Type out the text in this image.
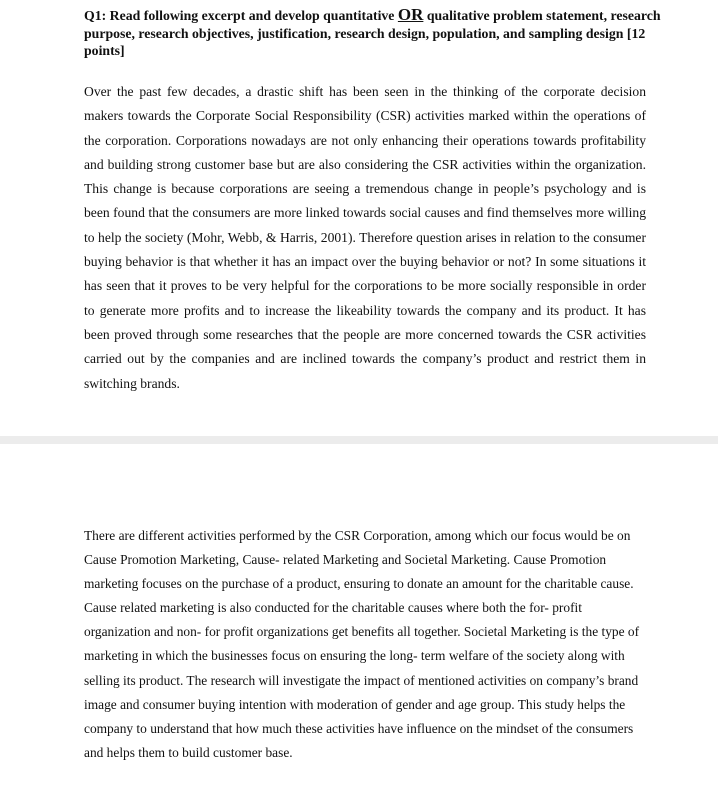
Q1: Read following excerpt and develop quantitative OR qualitative problem statement, research purpose, research objectives, justification, research design, population, and sampling design [12 points]

Over the past few decades, a drastic shift has been seen in the thinking of the corporate decision makers towards the Corporate Social Responsibility (CSR) activities marked within the operations of the corporation. Corporations nowadays are not only enhancing their operations towards profitability and building strong customer base but are also considering the CSR activities within the organization. This change is because corporations are seeing a tremendous change in people’s psychology and is been found that the consumers are more linked towards social causes and find themselves more willing to help the society (Mohr, Webb, & Harris, 2001). Therefore question arises in relation to the consumer buying behavior is that whether it has an impact over the buying behavior or not? In some situations it has seen that it proves to be very helpful for the corporations to be more socially responsible in order to generate more profits and to increase the likeability towards the company and its product. It has been proved through some researches that the people are more concerned towards the CSR activities carried out by the companies and are inclined towards the company’s product and restrict them in switching brands.

There are different activities performed by the CSR Corporation, among which our focus would be on Cause Promotion Marketing, Cause- related Marketing and Societal Marketing. Cause Promotion marketing focuses on the purchase of a product, ensuring to donate an amount for the charitable cause. Cause related marketing is also conducted for the charitable causes where both the for- profit organization and non- for profit organizations get benefits all together. Societal Marketing is the type of marketing in which the businesses focus on ensuring the long- term welfare of the society along with selling its product. The research will investigate the impact of mentioned activities on company’s brand image and consumer buying intention with moderation of gender and age group. This study helps the company to understand that how much these activities have influence on the mindset of the consumers and helps them to build customer base.
